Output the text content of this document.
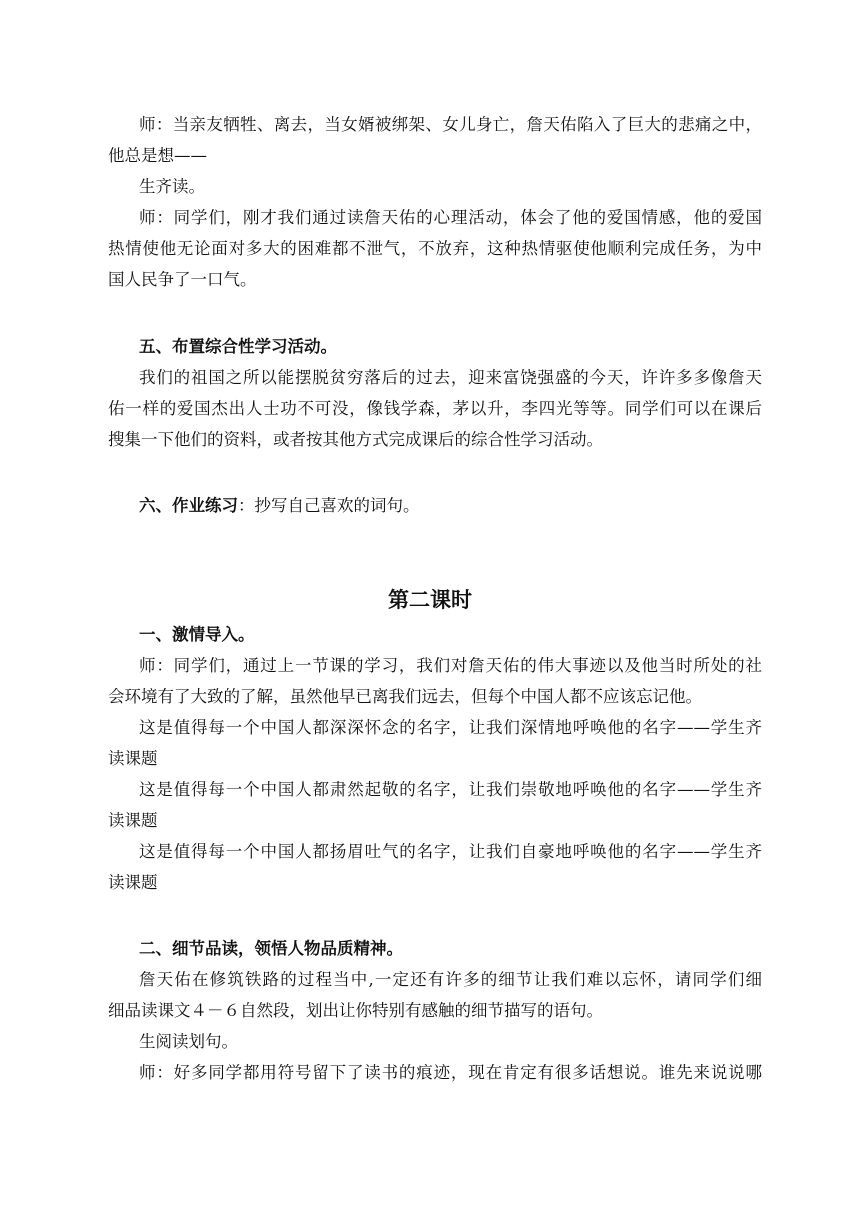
师：当亲友牺牲、离去，当女婿被绑架、女儿身亡，詹天佑陷入了巨大的悲痛之中，
他总是想——
生齐读。
师：同学们，刚才我们通过读詹天佑的心理活动，体会了他的爱国情感，他的爱国
热情使他无论面对多大的困难都不泄气，不放弃，这种热情驱使他顺利完成任务，为中
国人民争了一口气。
五、布置综合性学习活动。
我们的祖国之所以能摆脱贫穷落后的过去，迎来富饶强盛的今天，许许多多像詹天
佑一样的爱国杰出人士功不可没，像钱学森，茅以升，李四光等等。同学们可以在课后
搜集一下他们的资料，或者按其他方式完成课后的综合性学习活动。
六、作业练习：抄写自己喜欢的词句。
第二课时
一、激情导入。
师：同学们，通过上一节课的学习，我们对詹天佑的伟大事迹以及他当时所处的社
会环境有了大致的了解，虽然他早已离我们远去，但每个中国人都不应该忘记他。
这是值得每一个中国人都深深怀念的名字，让我们深情地呼唤他的名字——学生齐
读课题
这是值得每一个中国人都肃然起敬的名字，让我们崇敬地呼唤他的名字——学生齐
读课题
这是值得每一个中国人都扬眉吐气的名字，让我们自豪地呼唤他的名字——学生齐
读课题
二、细节品读，领悟人物品质精神。
詹天佑在修筑铁路的过程当中,一定还有许多的细节让我们难以忘怀，请同学们细
细品读课文４－６自然段，划出让你特别有感触的细节描写的语句。
生阅读划句。
师：好多同学都用符号留下了读书的痕迹，现在肯定有很多话想说。谁先来说说哪
